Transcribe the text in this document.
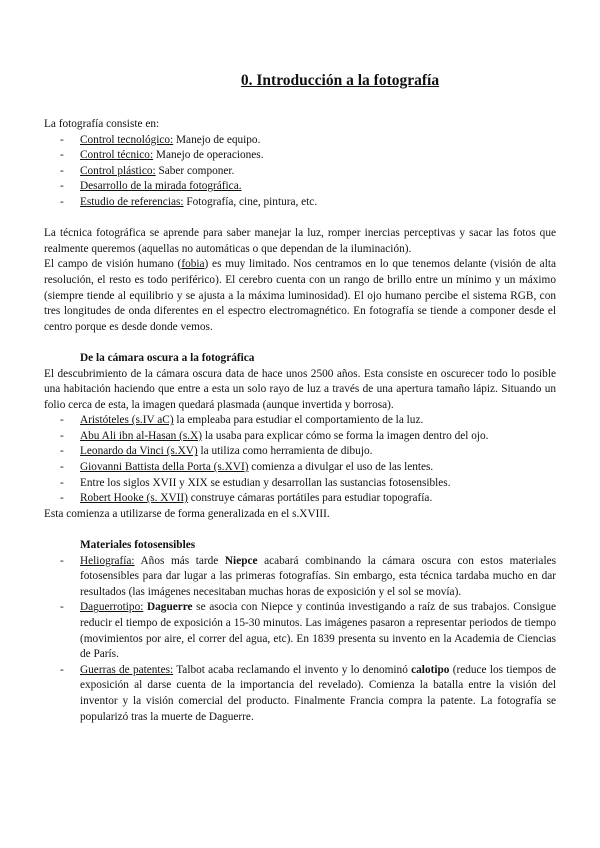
0. Introducción a la fotografía

La fotografía consiste en:

- Control tecnológico: Manejo de equipo.
- Control técnico: Manejo de operaciones.
- Control plástico: Saber componer.
- Desarrollo de la mirada fotográfica.
- Estudio de referencias: Fotografía, cine, pintura, etc.

La técnica fotográfica se aprende para saber manejar la luz, romper inercias perceptivas y sacar las fotos que realmente queremos (aquellas no automáticas o que dependan de la iluminación).

El campo de visión humano (fobia) es muy limitado. Nos centramos en lo que tenemos delante (visión de alta resolución, el resto es todo periférico). El cerebro cuenta con un rango de brillo entre un mínimo y un máximo (siempre tiende al equilibrio y se ajusta a la máxima luminosidad). El ojo humano percibe el sistema RGB, con tres longitudes de onda diferentes en el espectro electromagnético. En fotografía se tiende a componer desde el centro porque es desde donde vemos.

De la cámara oscura a la fotográfica

El descubrimiento de la cámara oscura data de hace unos 2500 años. Esta consiste en oscurecer todo lo posible una habitación haciendo que entre a esta un solo rayo de luz a través de una apertura tamaño lápiz. Situando un folio cerca de esta, la imagen quedará plasmada (aunque invertida y borrosa).

- Aristóteles (s.IV aC) la empleaba para estudiar el comportamiento de la luz.
- Abu Ali ibn al-Hasan (s.X) la usaba para explicar cómo se forma la imagen dentro del ojo.
- Leonardo da Vinci (s.XV) la utiliza como herramienta de dibujo.
- Giovanni Battista della Porta (s.XVI) comienza a divulgar el uso de las lentes.
- Entre los siglos XVII y XIX se estudian y desarrollan las sustancias fotosensibles.
- Robert Hooke (s. XVII) construye cámaras portátiles para estudiar topografía.

Esta comienza a utilizarse de forma generalizada en el s.XVIII.

Materiales fotosensibles
- Heliografía: Años más tarde Niepce acabará combinando la cámara oscura con estos materiales fotosensibles para dar lugar a las primeras fotografías. Sin embargo, esta técnica tardaba mucho en dar resultados (las imágenes necesitaban muchas horas de exposición y el sol se movía).
- Daguerrotipo: Daguerre se asocia con Niepce y continúa investigando a raíz de sus trabajos. Consigue reducir el tiempo de exposición a 15-30 minutos. Las imágenes pasaron a representar periodos de tiempo (movimientos por aire, el correr del agua, etc). En 1839 presenta su invento en la Academia de Ciencias de París.
- Guerras de patentes: Talbot acaba reclamando el invento y lo denominó calotipo (reduce los tiempos de exposición al darse cuenta de la importancia del revelado). Comienza la batalla entre la visión del inventor y la visión comercial del producto. Finalmente Francia compra la patente. La fotografía se popularizó tras la muerte de Daguerre.
